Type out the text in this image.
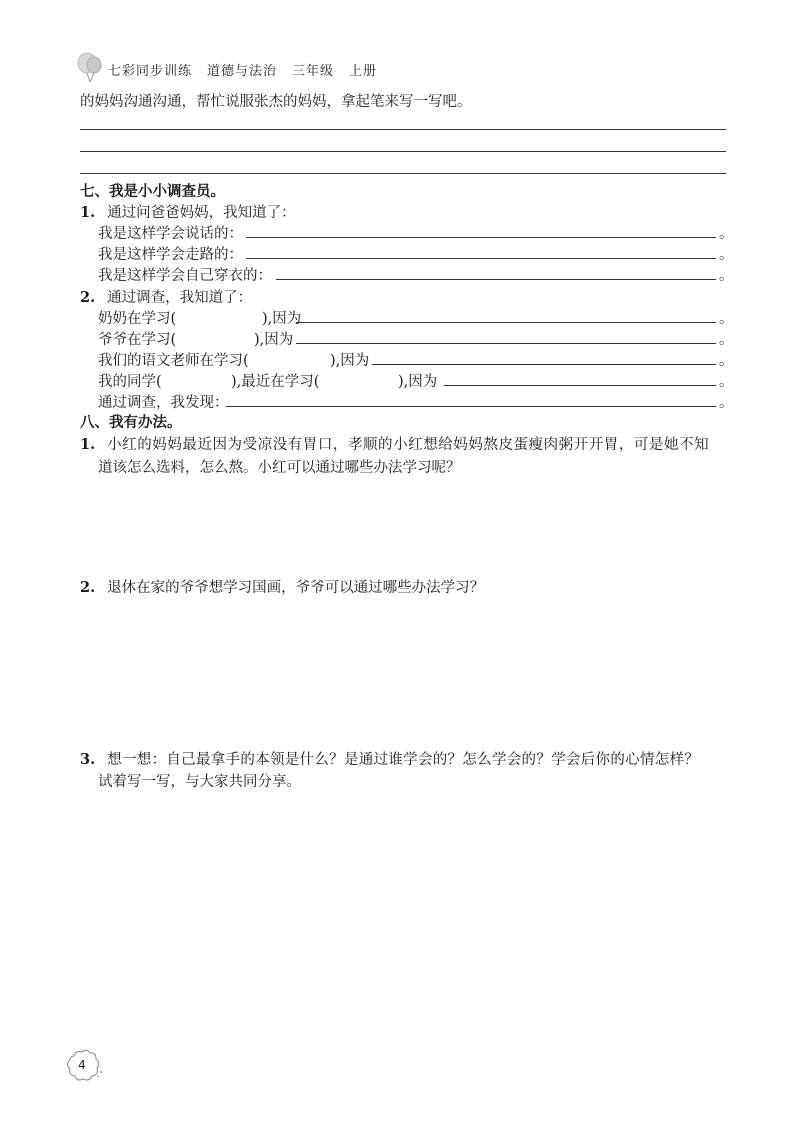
七彩同步训练 道德与法治 三年级 上册
的妈妈沟通沟通，帮忙说服张杰的妈妈，拿起笔来写一写吧。
七、我是小小调查员。
1. 通过问爸爸妈妈，我知道了：
我是这样学会说话的：	。
我是这样学会走路的：	。
我是这样学会自己穿衣的：	。
2. 通过调查，我知道了：
奶奶在学习(	),因为	。
爷爷在学习(	),因为	。
我们的语文老师在学习(	),因为	。
我的同学(	),最近在学习(	),因为	。
通过调查，我发现：	。
八、我有办法。
1. 小红的妈妈最近因为受凉没有胃口，孝顺的小红想给妈妈熬皮蛋瘦肉粥开开胃，可是她不知
道该怎么选料，怎么熬。小红可以通过哪些办法学习呢？
2. 退休在家的爷爷想学习国画，爷爷可以通过哪些办法学习？
3. 想一想：自己最拿手的本领是什么？是通过谁学会的？怎么学会的？学会后你的心情怎样？
试着写一写，与大家共同分享。
4
